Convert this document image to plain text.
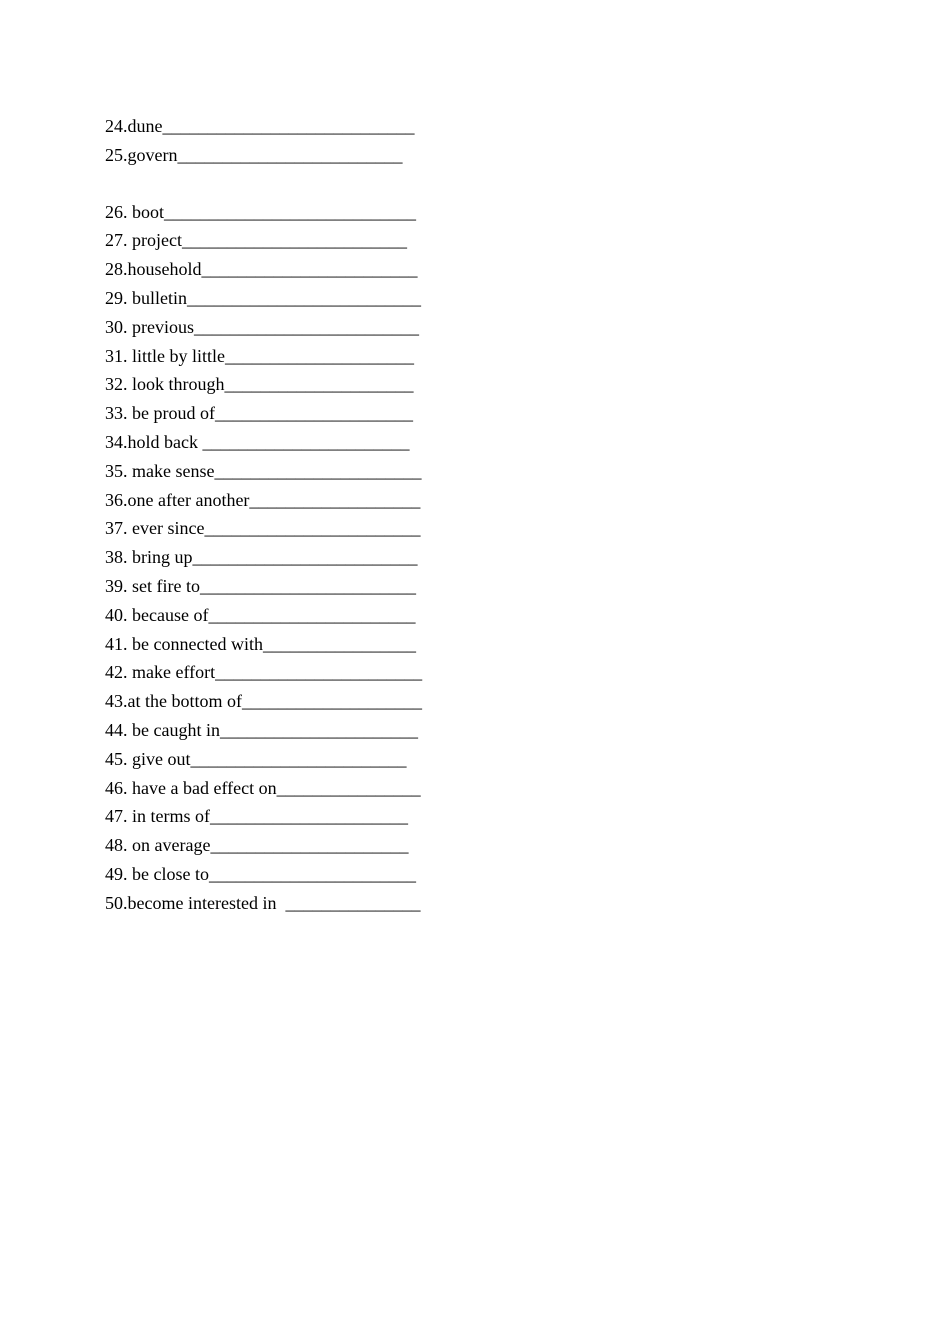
24.dune____________________________
25.govern_________________________
26. boot____________________________
27. project_________________________
28.household________________________
29. bulletin__________________________
30. previous_________________________
31. little by little_____________________
32. look through_____________________
33. be proud of______________________
34.hold back _______________________
35. make sense_______________________
36.one after another___________________
37. ever since________________________
38. bring up_________________________
39. set fire to________________________
40. because of_______________________
41. be connected with_________________
42. make effort_______________________
43.at the bottom of____________________
44. be caught in______________________
45. give out________________________
46. have a bad effect on________________
47. in terms of______________________
48. on average______________________
49. be close to_______________________
50.become interested in  _______________
